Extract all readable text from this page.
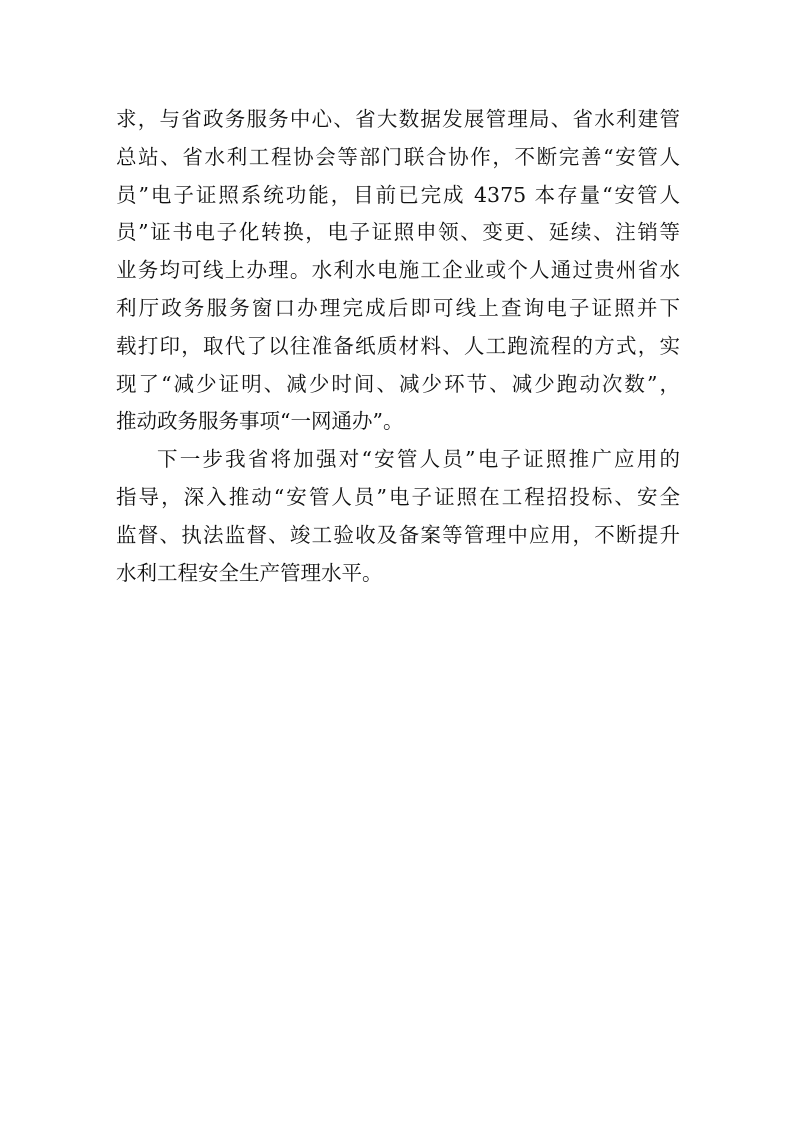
求，与省政务服务中心、省大数据发展管理局、省水利建管
总站、省水利工程协会等部门联合协作，不断完善“安管人
员”电子证照系统功能，目前已完成 4375 本存量“安管人
员”证书电子化转换，电子证照申领、变更、延续、注销等
业务均可线上办理。水利水电施工企业或个人通过贵州省水
利厅政务服务窗口办理完成后即可线上查询电子证照并下
载打印，取代了以往准备纸质材料、人工跑流程的方式，实
现了“减少证明、减少时间、减少环节、减少跑动次数”，
推动政务服务事项“一网通办”。
下一步我省将加强对“安管人员”电子证照推广应用的
指导，深入推动“安管人员”电子证照在工程招投标、安全
监督、执法监督、竣工验收及备案等管理中应用，不断提升
水利工程安全生产管理水平。
